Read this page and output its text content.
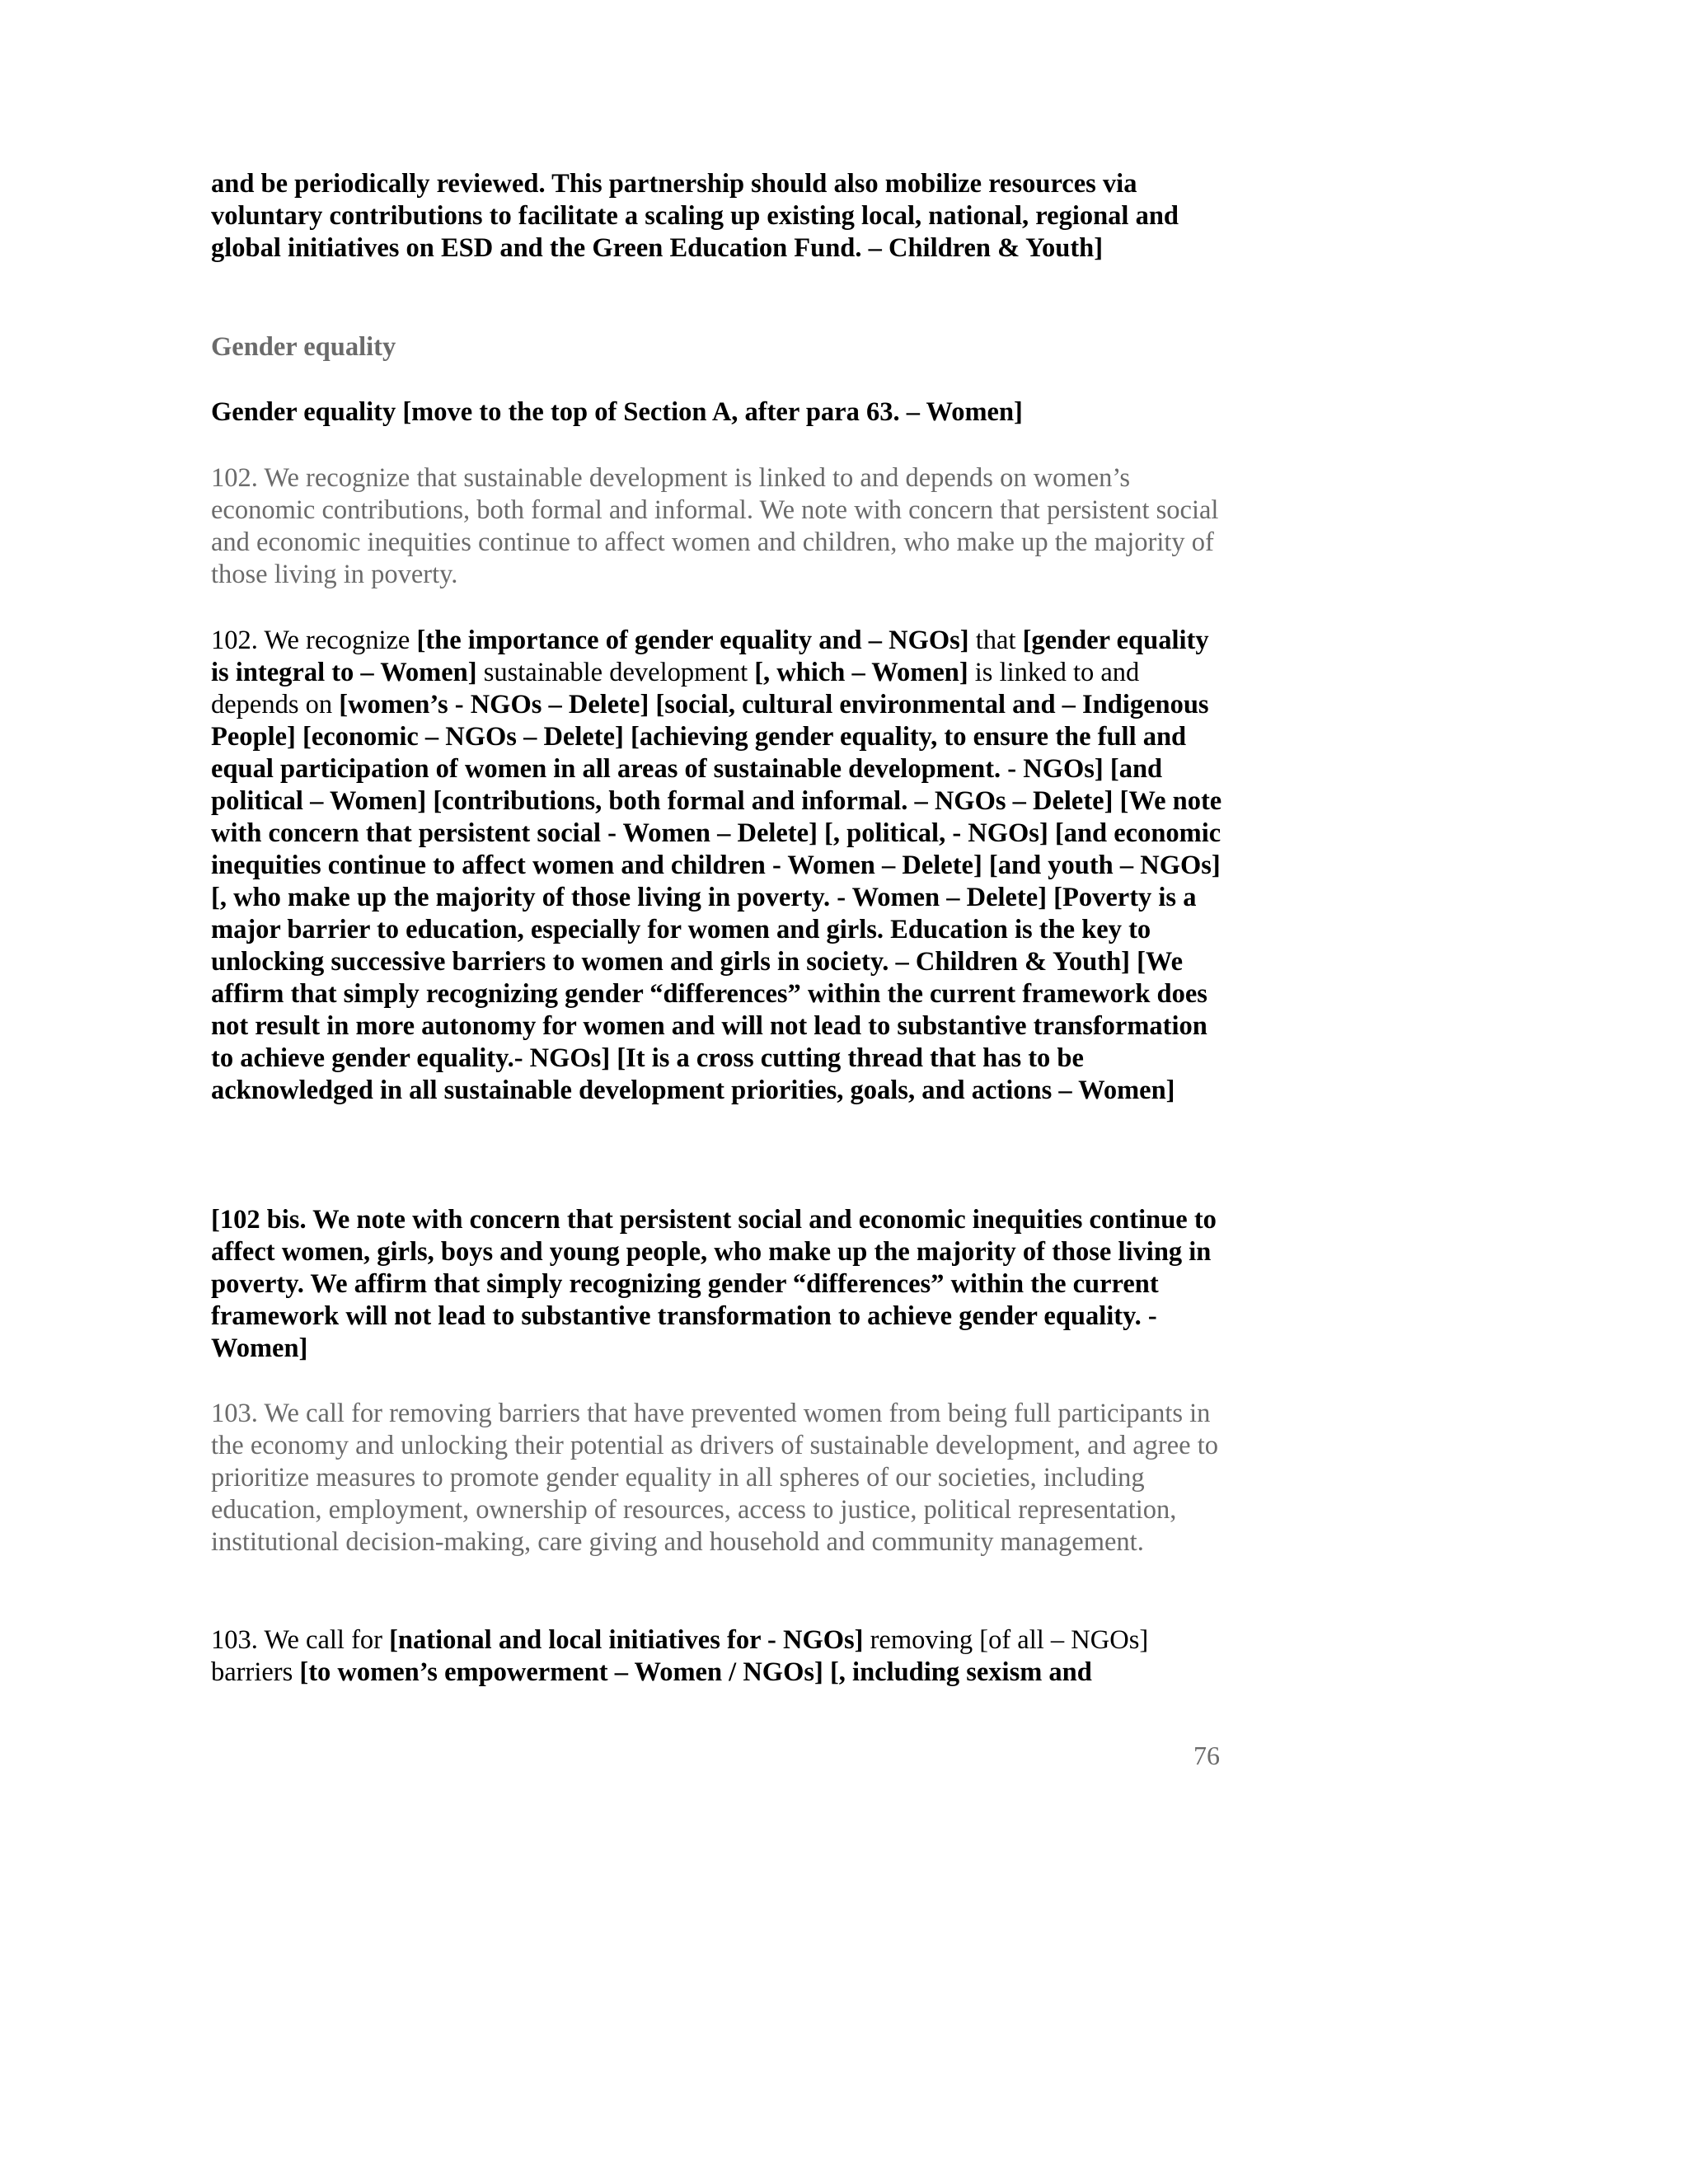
and be periodically reviewed. This partnership should also mobilize resources via voluntary contributions to facilitate a scaling up existing local, national, regional and global initiatives on ESD and the Green Education Fund. – Children & Youth]

Gender equality

Gender equality [move to the top of Section A, after para 63. – Women]

102. We recognize that sustainable development is linked to and depends on women’s economic contributions, both formal and informal. We note with concern that persistent social and economic inequities continue to affect women and children, who make up the majority of those living in poverty.

102. We recognize [the importance of gender equality and – NGOs] that [gender equality is integral to – Women] sustainable development [, which – Women] is linked to and depends on [women’s - NGOs – Delete] [social, cultural environmental and – Indigenous People] [economic – NGOs – Delete] [achieving gender equality, to ensure the full and equal participation of women in all areas of sustainable development. - NGOs] [and political – Women] [contributions, both formal and informal. – NGOs – Delete] [We note with concern that persistent social - Women – Delete] [, political, - NGOs] [and economic inequities continue to affect women and children - Women – Delete] [and youth – NGOs] [, who make up the majority of those living in poverty. - Women – Delete] [Poverty is a major barrier to education, especially for women and girls. Education is the key to unlocking successive barriers to women and girls in society. – Children & Youth] [We affirm that simply recognizing gender “differences” within the current framework does not result in more autonomy for women and will not lead to substantive transformation to achieve gender equality.- NGOs] [It is a cross cutting thread that has to be acknowledged in all sustainable development priorities, goals, and actions – Women]

[102 bis. We note with concern that persistent social and economic inequities continue to affect women, girls, boys and young people, who make up the majority of those living in poverty. We affirm that simply recognizing gender “differences” within the current framework will not lead to substantive transformation to achieve gender equality. - Women]

103. We call for removing barriers that have prevented women from being full participants in the economy and unlocking their potential as drivers of sustainable development, and agree to prioritize measures to promote gender equality in all spheres of our societies, including education, employment, ownership of resources, access to justice, political representation, institutional decision-making, care giving and household and community management.

103. We call for [national and local initiatives for - NGOs] removing [of all – NGOs] barriers [to women’s empowerment – Women / NGOs] [, including sexism and

76
